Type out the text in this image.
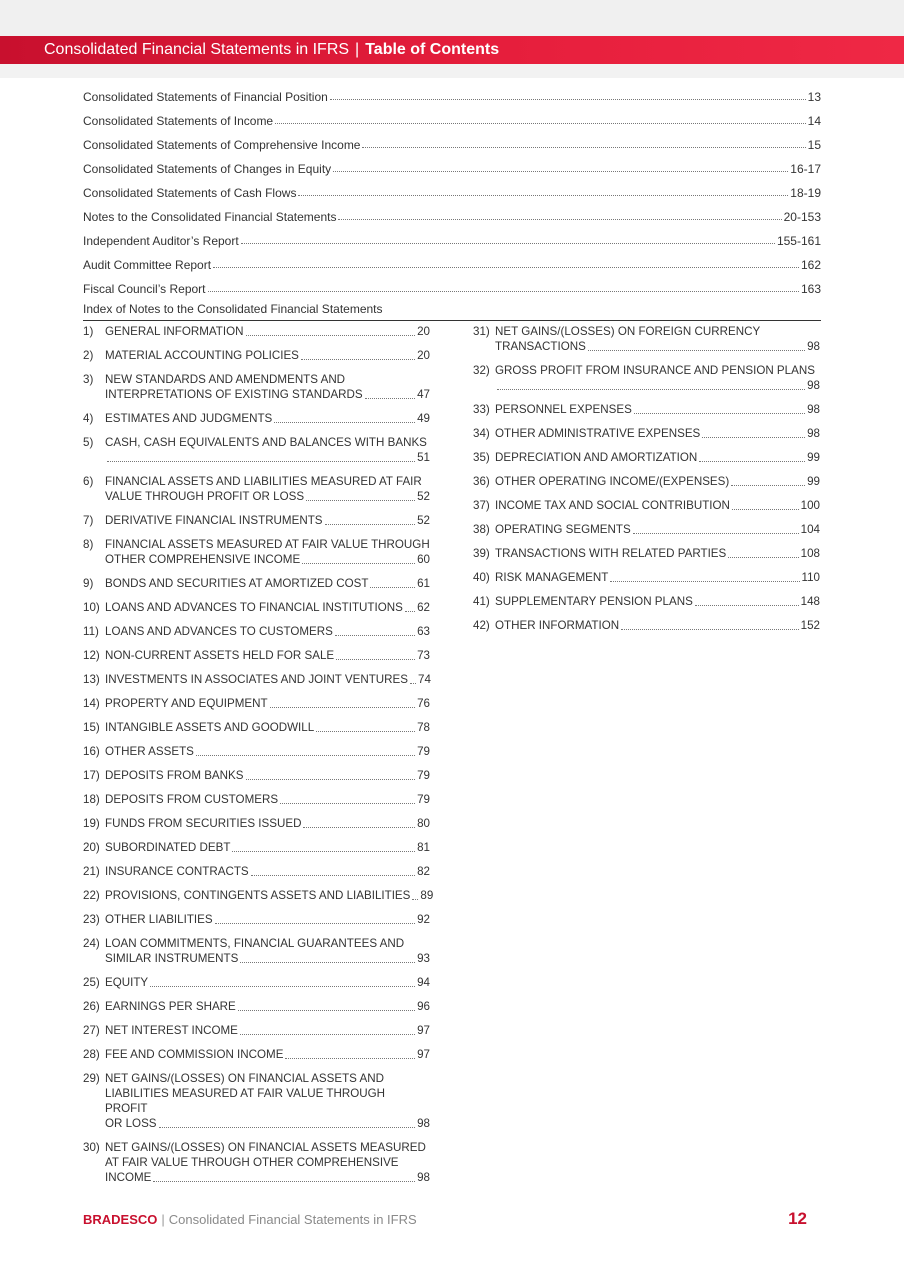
Consolidated Financial Statements in IFRS | Table of Contents
Consolidated Statements of Financial Position	13
Consolidated Statements of Income	14
Consolidated Statements of Comprehensive Income	15
Consolidated Statements of Changes in Equity	16-17
Consolidated Statements of Cash Flows	18-19
Notes to the Consolidated Financial Statements	20-153
Independent Auditor’s Report	155-161
Audit Committee Report	162
Fiscal Council’s Report	163
Index of Notes to the Consolidated Financial Statements
1)	GENERAL INFORMATION	20
2)	MATERIAL ACCOUNTING POLICIES	20
3)	NEW STANDARDS AND AMENDMENTS AND
INTERPRETATIONS OF EXISTING STANDARDS	47
4)	ESTIMATES AND JUDGMENTS	49
5)	CASH, CASH EQUIVALENTS AND BALANCES WITH BANKS
51
6)	FINANCIAL ASSETS AND LIABILITIES MEASURED AT FAIR
VALUE THROUGH PROFIT OR LOSS	52
7)	DERIVATIVE FINANCIAL INSTRUMENTS	52
8)	FINANCIAL ASSETS MEASURED AT FAIR VALUE THROUGH
OTHER COMPREHENSIVE INCOME	60
9)	BONDS AND SECURITIES AT AMORTIZED COST	61
10) LOANS AND ADVANCES TO FINANCIAL INSTITUTIONS 62
11) LOANS AND ADVANCES TO CUSTOMERS	63
12) NON-CURRENT ASSETS HELD FOR SALE	73
13) INVESTMENTS IN ASSOCIATES AND JOINT VENTURES 74
14) PROPERTY AND EQUIPMENT	76
15) INTANGIBLE ASSETS AND GOODWILL	78
16) OTHER ASSETS	79
17) DEPOSITS FROM BANKS	79
18) DEPOSITS FROM CUSTOMERS	79
19) FUNDS FROM SECURITIES ISSUED	80
20) SUBORDINATED DEBT	81
21) INSURANCE CONTRACTS	82
22) PROVISIONS, CONTINGENTS ASSETS AND LIABILITIES 89
23) OTHER LIABILITIES	92
24) LOAN COMMITMENTS, FINANCIAL GUARANTEES AND
SIMILAR INSTRUMENTS	93
25) EQUITY	94
26) EARNINGS PER SHARE	96
27) NET INTEREST INCOME	97
28) FEE AND COMMISSION INCOME	97
29) NET GAINS/(LOSSES) ON FINANCIAL ASSETS AND
LIABILITIES MEASURED AT FAIR VALUE THROUGH PROFIT
OR LOSS	98
30) NET GAINS/(LOSSES) ON FINANCIAL ASSETS MEASURED
AT FAIR VALUE THROUGH OTHER COMPREHENSIVE
INCOME	98
31) NET GAINS/(LOSSES) ON FOREIGN CURRENCY
TRANSACTIONS	98
32) GROSS PROFIT FROM INSURANCE AND PENSION PLANS
98
33) PERSONNEL EXPENSES	98
34) OTHER ADMINISTRATIVE EXPENSES	98
35) DEPRECIATION AND AMORTIZATION	99
36) OTHER OPERATING INCOME/(EXPENSES)	99
37) INCOME TAX AND SOCIAL CONTRIBUTION	100
38) OPERATING SEGMENTS	104
39) TRANSACTIONS WITH RELATED PARTIES	108
40) RISK MANAGEMENT	110
41) SUPPLEMENTARY PENSION PLANS	148
42) OTHER INFORMATION	152
BRADESCO | Consolidated Financial Statements in IFRS	12
